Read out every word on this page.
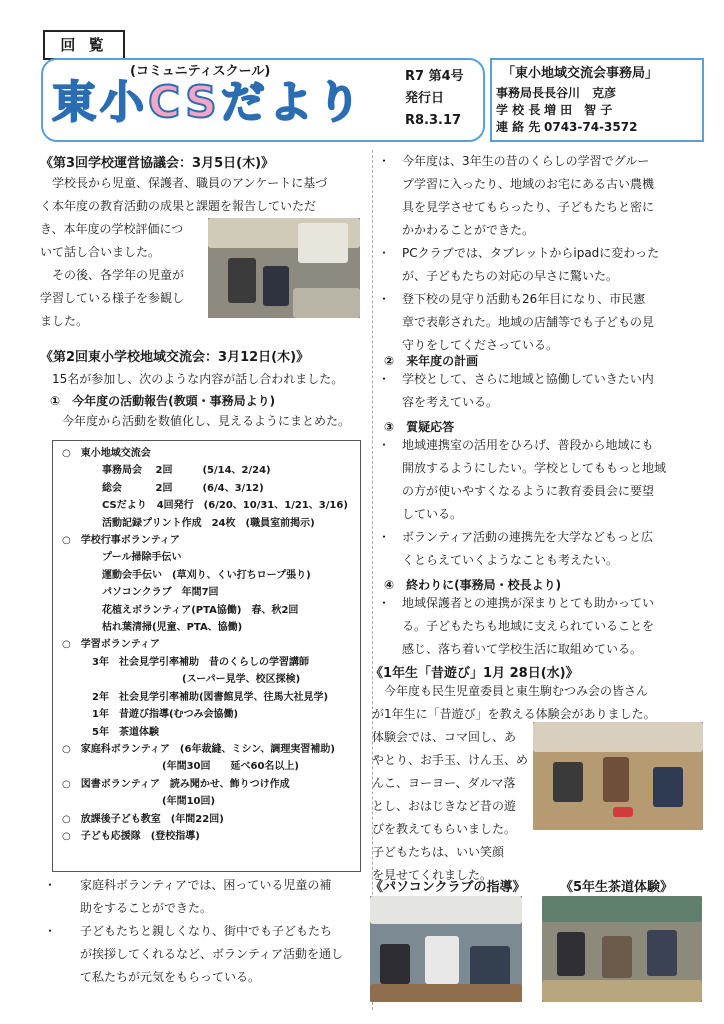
回 覧
(コミュニティスクール)
東小CSだより
R7 第4号
発行日
R8.3.17
「東小地域交流会事務局」
事務局長長谷川　克彦
学 校 長 増 田　智 子
連 絡 先 0743-74-3572
《第3回学校運営協議会：3月5日(木)》
　学校長から児童、保護者、職員のアンケートに基づ
く本年度の教育活動の成果と課題を報告していただ
き、本年度の学校評価につ
いて話し合いました。
　その後、各学年の児童が
学習している様子を参観し
ました。
《第2回東小学校地域交流会：3月12日(木)》
　15名が参加し、次のような内容が話し合われました。
①　今年度の活動報告(教頭・事務局より)
　今年度から活動を数値化し、見えるようにまとめた。
○　東小地域交流会
　　　　事務局会　 2回　　　(5/14、2/24)
　　　　総会　　　 2回　　　(6/4、3/12)
　　　　CSだより　4回発行　(6/20、10/31、1/21、3/16)
　　　　活動記録プリント作成　24枚　(職員室前掲示)
○　学校行事ボランティア
　　　　プール掃除手伝い
　　　　運動会手伝い　(草刈り、くい打ちロープ張り)
　　　　パソコンクラブ　年間7回
　　　　花植えボランティア(PTA協働)　春、秋2回
　　　　枯れ葉清掃(児童、PTA、協働)
○　学習ボランティア
　　　3年　社会見学引率補助　昔のくらしの学習講師
　　　　　　　　　　　　(スーパー見学、校区探検)
　　　2年　社会見学引率補助(図書館見学、往馬大社見学)
　　　1年　昔遊び指導(むつみ会協働)
　　　5年　茶道体験
○　家庭科ボランティア　(6年裁縫、ミシン、調理実習補助)
　　　　　　　　　　(年間30回　　延べ60名以上)
○　図書ボランティア　読み聞かせ、飾りつけ作成
　　　　　　　　　　(年間10回)
○　放課後子ども教室　(年間22回)
○　子ども応援隊　(登校指導)
・　　家庭科ボランティアでは、困っている児童の補
　　　助をすることができた。
・　　子どもたちと親しくなり、街中でも子どもたち
　　　が挨拶してくれるなど、ボランティア活動を通し
　　　て私たちが元気をもらっている。
・　今年度は、3年生の昔のくらしの学習でグルー
　　プ学習に入ったり、地域のお宅にある古い農機
　　具を見学させてもらったり、子どもたちと密に
　　かかわることができた。
・　PCクラブでは、タブレットからipadに変わった
　　が、子どもたちの対応の早さに驚いた。
・　登下校の見守り活動も26年目になり、市民憲
　　章で表彰された。地域の店舗等でも子どもの見
　　守りをしてくださっている。
②　来年度の計画
・　学校として、さらに地域と協働していきたい内
　　容を考えている。
③　質疑応答
・　地域連携室の活用をひろげ、普段から地域にも
　　開放するようにしたい。学校としてももっと地域
　　の方が使いやすくなるように教育委員会に要望
　　している。
・　ボランティア活動の連携先を大学などもっと広
　　くとらえていくようなことも考えたい。
④　終わりに(事務局・校長より)
・　地域保護者との連携が深まりとても助かってい
　　る。子どもたちも地域に支えられていることを
　　感じ、落ち着いて学校生活に取組めている。
《1年生「昔遊び」1月 28日(水)》
　今年度も民生児童委員と東生駒むつみ会の皆さん
が1年生に「昔遊び」を教える体験会がありました。
体験会では、コマ回し、あ
やとり、お手玉、けん玉、め
んこ、ヨーヨー、ダルマ落
とし、おはじきなど昔の遊
びを教えてもらいました。
子どもたちは、いい笑顔
を見せてくれました。
《パソコンクラブの指導》	《5年生茶道体験》
